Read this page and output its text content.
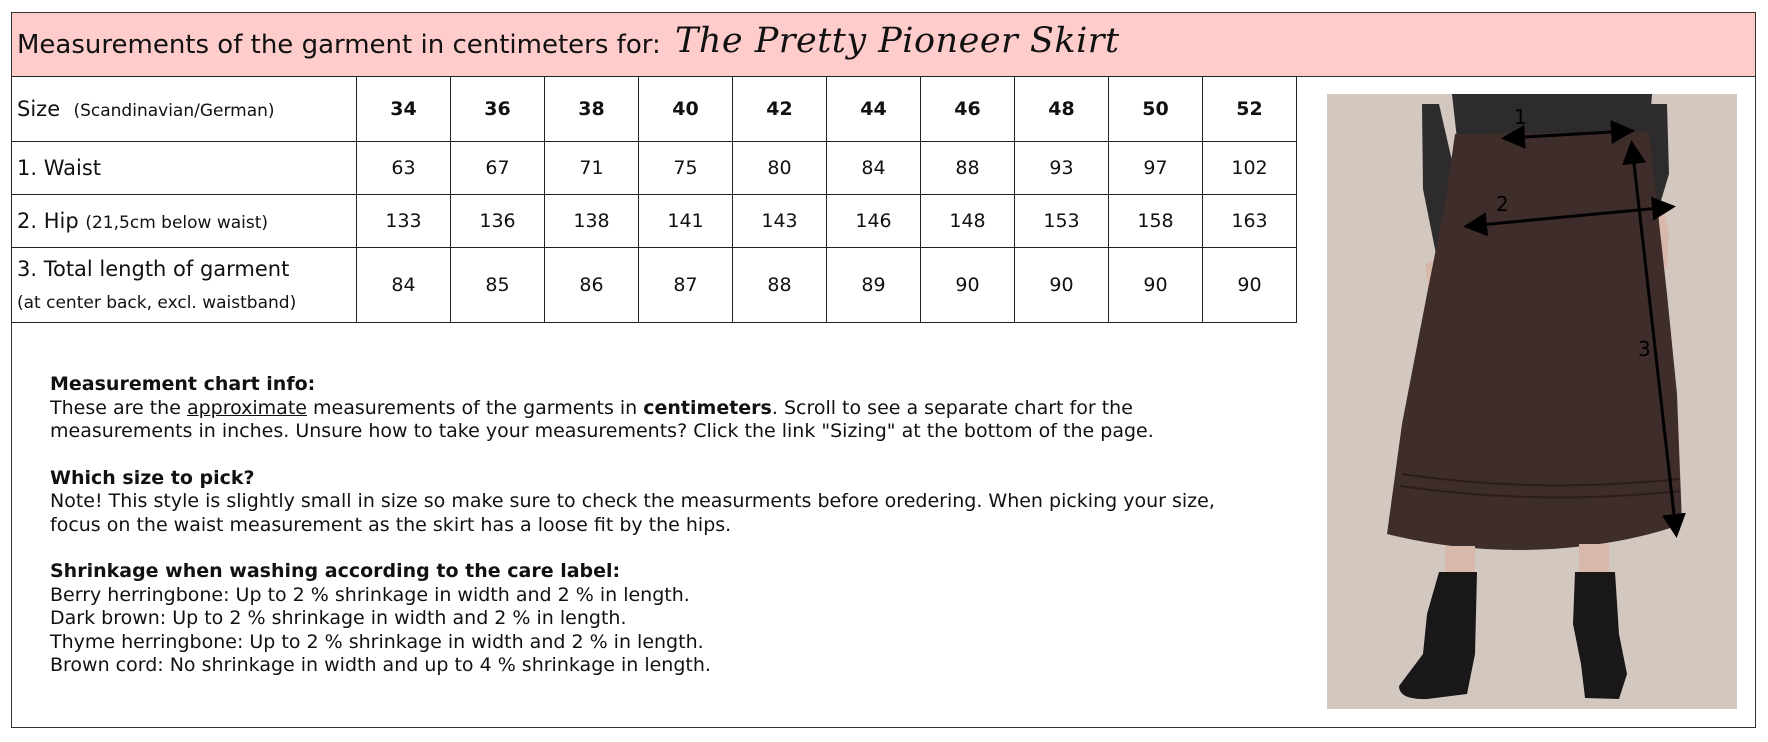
Measurements of the garment in centimeters for: The Pretty Pioneer Skirt
Size (Scandinavian/German)	34	36	38	40	42	44	46	48	50	52
1. Waist	63	67	71	75	80	84	88	93	97	102
2. Hip (21,5cm below waist)	133	136	138	141	143	146	148	153	158	163
3. Total length of garment
(at center back, excl. waistband)	84	85	86	87	88	89	90	90	90	90

Measurement chart info:

These are the approximate measurements of the garments in centimeters. Scroll to see a separate chart for the

measurements in inches. Unsure how to take your measurements? Click the link "Sizing" at the bottom of the page.

Which size to pick?

Note! This style is slightly small in size so make sure to check the measurments before oredering. When picking your size,

focus on the waist measurement as the skirt has a loose fit by the hips.

Shrinkage when washing according to the care label:

Berry herringbone: Up to 2 % shrinkage in width and 2 % in length.

Dark brown: Up to 2 % shrinkage in width and 2 % in length.

Thyme herringbone: Up to 2 % shrinkage in width and 2 % in length.

Brown cord: No shrinkage in width and up to 4 % shrinkage in length.

1
2
3
